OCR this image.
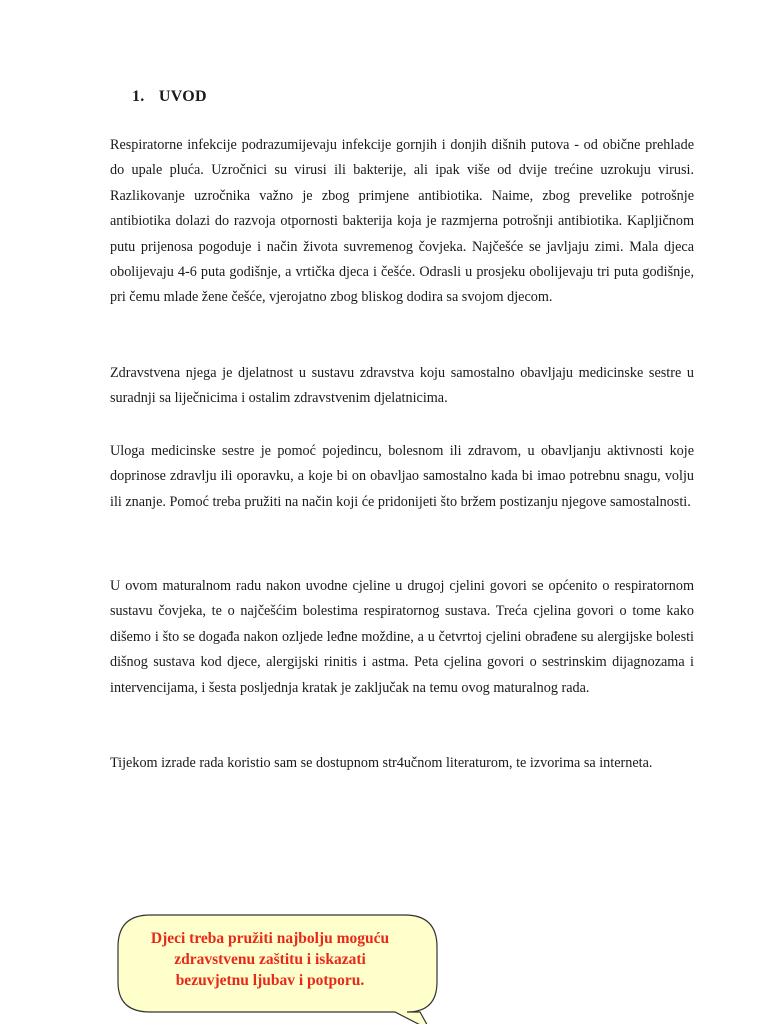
1. UVOD

Respiratorne infekcije podrazumijevaju infekcije gornjih i donjih dišnih putova - od obične prehlade do upale pluća. Uzročnici su virusi ili bakterije, ali ipak više od dvije trećine uzrokuju virusi. Razlikovanje uzročnika važno je zbog primjene antibiotika. Naime, zbog prevelike potrošnje antibiotika dolazi do razvoja otpornosti bakterija koja je razmjerna potrošnji antibiotika. Kapljičnom putu prijenosa pogoduje i način života suvremenog čovjeka. Najčešće se javljaju zimi. Mala djeca obolijevaju 4-6 puta godišnje, a vrtička djeca i češće. Odrasli u prosjeku obolijevaju tri puta godišnje, pri čemu mlade žene češće, vjerojatno zbog bliskog dodira sa svojom djecom.

Zdravstvena njega je djelatnost u sustavu zdravstva koju samostalno obavljaju medicinske sestre u suradnji sa liječnicima i ostalim zdravstvenim djelatnicima.

Uloga medicinske sestre je pomoć pojedincu, bolesnom ili zdravom, u obavljanju aktivnosti koje doprinose zdravlju ili oporavku, a koje bi on obavljao samostalno kada bi imao potrebnu snagu, volju ili znanje. Pomoć treba pružiti na način koji će pridonijeti što bržem postizanju njegove samostalnosti.

U ovom maturalnom radu nakon uvodne cjeline u drugoj cjelini govori se općenito o respiratornom sustavu čovjeka, te o najčešćim bolestima respiratornog sustava. Treća cjelina govori o tome kako dišemo i što se događa nakon ozljede leđne moždine, a u četvrtoj cjelini obrađene su alergijske bolesti dišnog sustava kod djece, alergijski rinitis i astma. Peta cjelina govori o sestrinskim dijagnozama i intervencijama, i šesta posljednja kratak je zaključak na temu ovog maturalnog rada.

Tijekom izrade rada koristio sam se dostupnom str4učnom literaturom, te izvorima sa interneta.

Djeci treba pružiti najbolju moguću
zdravstvenu zaštitu i iskazati
bezuvjetnu ljubav i potporu.
